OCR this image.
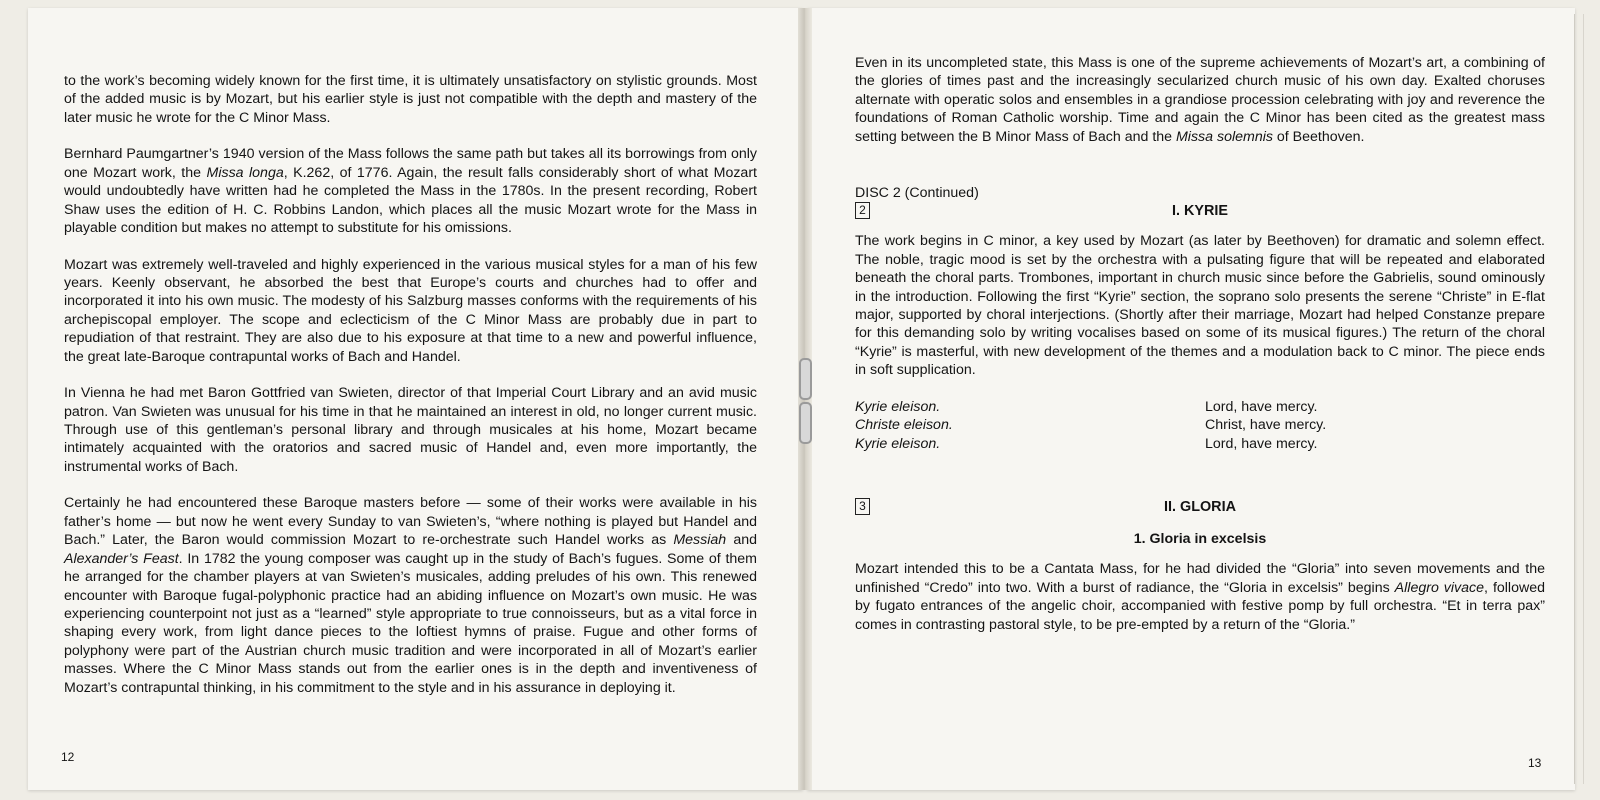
to the work’s becoming widely known for the first time, it is ultimately unsatisfactory on stylistic grounds. Most of the added music is by Mozart, but his earlier style is just not compatible with the depth and mastery of the later music he wrote for the C Minor Mass.

Bernhard Paumgartner’s 1940 version of the Mass follows the same path but takes all its borrowings from only one Mozart work, the Missa longa, K.262, of 1776. Again, the result falls considerably short of what Mozart would undoubtedly have written had he completed the Mass in the 1780s. In the present recording, Robert Shaw uses the edition of H. C. Robbins Landon, which places all the music Mozart wrote for the Mass in playable condition but makes no attempt to substitute for his omissions.

Mozart was extremely well-traveled and highly experienced in the various musical styles for a man of his few years. Keenly observant, he absorbed the best that Europe’s courts and churches had to offer and incorporated it into his own music. The modesty of his Salzburg masses conforms with the requirements of his archepiscopal employer. The scope and eclecticism of the C Minor Mass are probably due in part to repudiation of that restraint. They are also due to his exposure at that time to a new and powerful influence, the great late-Baroque contrapuntal works of Bach and Handel.

In Vienna he had met Baron Gottfried van Swieten, director of that Imperial Court Library and an avid music patron. Van Swieten was unusual for his time in that he maintained an interest in old, no longer current music. Through use of this gentleman’s personal library and through musicales at his home, Mozart became intimately acquainted with the oratorios and sacred music of Handel and, even more importantly, the instrumental works of Bach.

Certainly he had encountered these Baroque masters before — some of their works were available in his father’s home — but now he went every Sunday to van Swieten’s, “where nothing is played but Handel and Bach.” Later, the Baron would commission Mozart to re-orchestrate such Handel works as Messiah and Alexander’s Feast. In 1782 the young composer was caught up in the study of Bach’s fugues. Some of them he arranged for the chamber players at van Swieten’s musicales, adding preludes of his own. This renewed encounter with Baroque fugal-polyphonic practice had an abiding influence on Mozart’s own music. He was experiencing counterpoint not just as a “learned” style appropriate to true connoisseurs, but as a vital force in shaping every work, from light dance pieces to the loftiest hymns of praise. Fugue and other forms of polyphony were part of the Austrian church music tradition and were incorporated in all of Mozart’s earlier masses. Where the C Minor Mass stands out from the earlier ones is in the depth and inventiveness of Mozart’s contrapuntal thinking, in his commitment to the style and in his assurance in deploying it.

12

Even in its uncompleted state, this Mass is one of the supreme achievements of Mozart’s art, a combining of the glories of times past and the increasingly secularized church music of his own day. Exalted choruses alternate with operatic solos and ensembles in a grandiose procession celebrating with joy and reverence the foundations of Roman Catholic worship. Time and again the C Minor has been cited as the greatest mass setting between the B Minor Mass of Bach and the Missa solemnis of Beethoven.

DISC 2 (Continued)
2	I. KYRIE

The work begins in C minor, a key used by Mozart (as later by Beethoven) for dramatic and solemn effect. The noble, tragic mood is set by the orchestra with a pulsating figure that will be repeated and elaborated beneath the choral parts. Trombones, important in church music since before the Gabrielis, sound ominously in the introduction. Following the first “Kyrie” section, the soprano solo presents the serene “Christe” in E-flat major, supported by choral interjections. (Shortly after their marriage, Mozart had helped Constanze prepare for this demanding solo by writing vocalises based on some of its musical figures.) The return of the choral “Kyrie” is masterful, with new development of the themes and a modulation back to C minor. The piece ends in soft supplication.

Kyrie eleison.
Christe eleison.
Kyrie eleison.
Lord, have mercy.
Christ, have mercy.
Lord, have mercy.
3	II. GLORIA
1. Gloria in excelsis

Mozart intended this to be a Cantata Mass, for he had divided the “Gloria” into seven movements and the unfinished “Credo” into two. With a burst of radiance, the “Gloria in excelsis” begins Allegro vivace, followed by fugato entrances of the angelic choir, accompanied with festive pomp by full orchestra. “Et in terra pax” comes in contrasting pastoral style, to be pre-empted by a return of the “Gloria.”

13
